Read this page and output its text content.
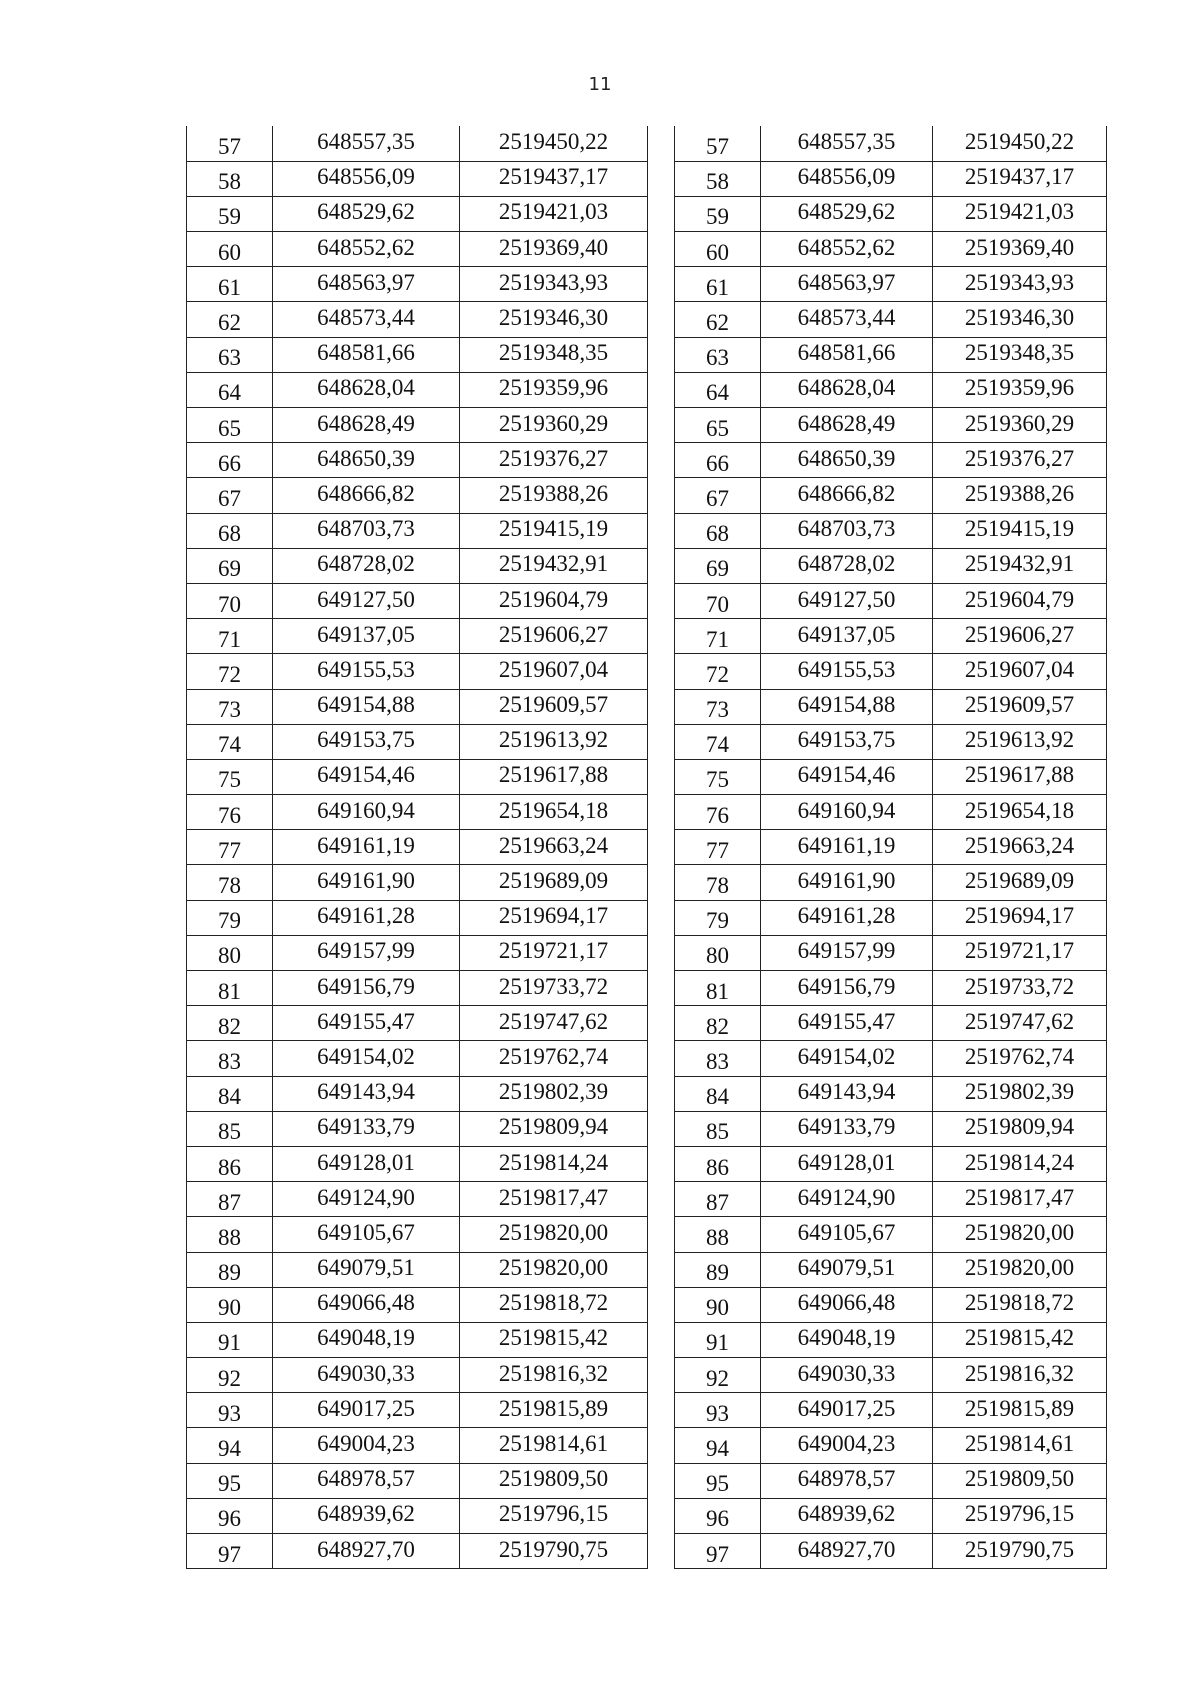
11
57	648557,35	2519450,22
58	648556,09	2519437,17
59	648529,62	2519421,03
60	648552,62	2519369,40
61	648563,97	2519343,93
62	648573,44	2519346,30
63	648581,66	2519348,35
64	648628,04	2519359,96
65	648628,49	2519360,29
66	648650,39	2519376,27
67	648666,82	2519388,26
68	648703,73	2519415,19
69	648728,02	2519432,91
70	649127,50	2519604,79
71	649137,05	2519606,27
72	649155,53	2519607,04
73	649154,88	2519609,57
74	649153,75	2519613,92
75	649154,46	2519617,88
76	649160,94	2519654,18
77	649161,19	2519663,24
78	649161,90	2519689,09
79	649161,28	2519694,17
80	649157,99	2519721,17
81	649156,79	2519733,72
82	649155,47	2519747,62
83	649154,02	2519762,74
84	649143,94	2519802,39
85	649133,79	2519809,94
86	649128,01	2519814,24
87	649124,90	2519817,47
88	649105,67	2519820,00
89	649079,51	2519820,00
90	649066,48	2519818,72
91	649048,19	2519815,42
92	649030,33	2519816,32
93	649017,25	2519815,89
94	649004,23	2519814,61
95	648978,57	2519809,50
96	648939,62	2519796,15
97	648927,70	2519790,75
57	648557,35	2519450,22
58	648556,09	2519437,17
59	648529,62	2519421,03
60	648552,62	2519369,40
61	648563,97	2519343,93
62	648573,44	2519346,30
63	648581,66	2519348,35
64	648628,04	2519359,96
65	648628,49	2519360,29
66	648650,39	2519376,27
67	648666,82	2519388,26
68	648703,73	2519415,19
69	648728,02	2519432,91
70	649127,50	2519604,79
71	649137,05	2519606,27
72	649155,53	2519607,04
73	649154,88	2519609,57
74	649153,75	2519613,92
75	649154,46	2519617,88
76	649160,94	2519654,18
77	649161,19	2519663,24
78	649161,90	2519689,09
79	649161,28	2519694,17
80	649157,99	2519721,17
81	649156,79	2519733,72
82	649155,47	2519747,62
83	649154,02	2519762,74
84	649143,94	2519802,39
85	649133,79	2519809,94
86	649128,01	2519814,24
87	649124,90	2519817,47
88	649105,67	2519820,00
89	649079,51	2519820,00
90	649066,48	2519818,72
91	649048,19	2519815,42
92	649030,33	2519816,32
93	649017,25	2519815,89
94	649004,23	2519814,61
95	648978,57	2519809,50
96	648939,62	2519796,15
97	648927,70	2519790,75
